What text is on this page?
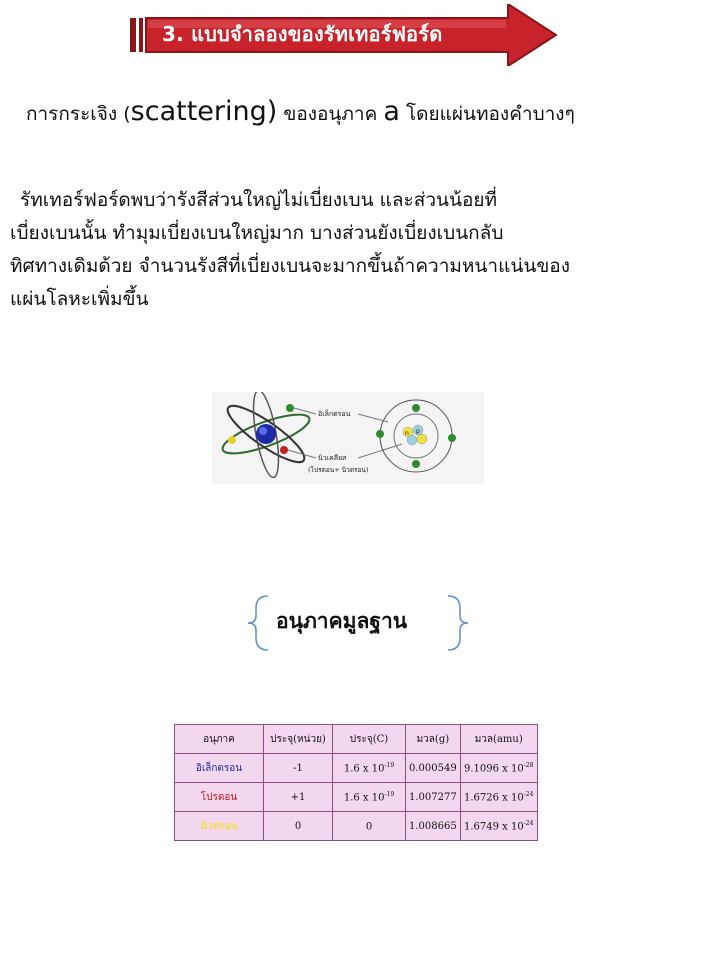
3. แบบจำลองของรัทเทอร์ฟอร์ด
การกระเจิง (scattering) ของอนุภาค a โดยแผ่นทองคำบางๆ
รัทเทอร์ฟอร์ดพบว่ารังสีส่วนใหญ่ไม่เบี่ยงเบน และส่วนน้อยที่
เบี่ยงเบนนั้น ทำมุมเบี่ยงเบนใหญ่มาก บางส่วนยังเบี่ยงเบนกลับ
ทิศทางเดิมด้วย จำนวนรังสีที่เบี่ยงเบนจะมากขึ้นถ้าความหนาแน่นของ
แผ่นโลหะเพิ่มขึ้น
อิเล็กตรอน
นิวเคลียส
(โปรตอน+ นิวตรอน)
n p
อนุภาคมูลฐาน
อนุภาค	ประจุ(หน่วย)	ประจุ(C)	มวล(g)	มวล(amu)
อิเล็กตรอน	-1	1.6 x $10^{-19}$	0.000549	9.1096 x $10^{-28}$
โปรตอน	+1	1.6 x $10^{-19}$	1.007277	1.6726 x $10^{-24}$
นิวตรอน	0	0	1.008665	1.6749 x $10^{-24}$
